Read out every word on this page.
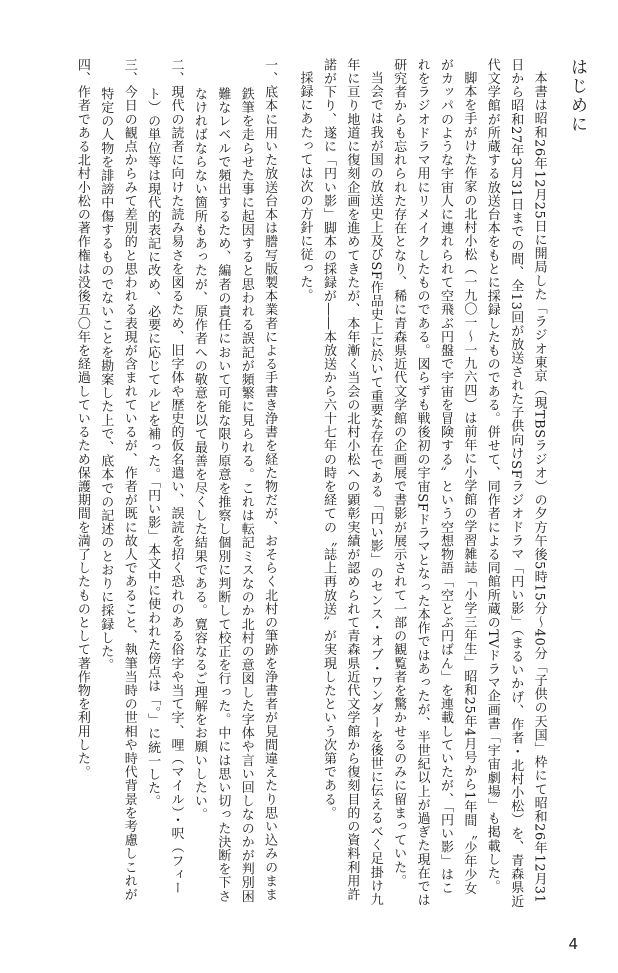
はじめに
本書は昭和26年12月25日に開局した「ラジオ東京（現TBSラジオ）の夕方午後5時15分～40分「子供の天国」枠にて昭和26年12月31日から昭和27年3月31日までの間、全13回が放送された子供向けSFラジオドラマ「円い影」（まるいかげ、作者・北村小松）を、青森県近代文学館が所蔵する放送台本をもとに採録したものである。併せて、同作者による同館所蔵のTVドラマ企画書「宇宙劇場」も掲載した。
脚本を手がけた作家の北村小松（一九〇一～一九六四）は前年に小学館の学習雑誌「小学三年生」昭和25年4月号から1年間〝少年少女がカッパのような宇宙人に連れられて空飛ぶ円盤で宇宙を冒険する〟という空想物語「空とぶ円ばん」を連載していたが、「円い影」はこれをラジオドラマ用にリメイクしたものである。図らずも戦後初の宇宙SFドラマとなった本作ではあったが、半世紀以上が過ぎた現在では研究者からも忘れられた存在となり、稀に青森県近代文学館の企画展で書影が展示されて一部の観覧者を驚かせるのみに留まっていた。
当会では我が国の放送史上及びSF作品史上に於いて重要な存在である「円い影」のセンス・オブ・ワンダーを後世に伝えるべく足掛け九年に亘り地道に復刻企画を進めてきたが、本年漸く当会の北村小松への顕彰実績が認められて青森県近代文学館から復刻目的の資料利用許諾が下り、遂に「円い影」脚本の採録が――本放送から六十七年の時を経ての〝誌上再放送〟が実現したという次第である。
採録にあたっては次の方針に従った。
一、底本に用いた放送台本は謄写版製本業者による手書き浄書を経た物だが、おそらく北村の筆跡を浄書者が見間違えたり思い込みのまま鉄筆を走らせた事に起因すると思われる誤記が頻繁に見られる。これは転記ミスなのか北村の意図した字体や言い回しなのかが判別困難なレベルで頻出するため、編者の責任において可能な限り原意を推察し個別に判断して校正を行った。中には思い切った決断を下さなければならない箇所もあったが、原作者への敬意を以て最善を尽くした結果である。寛容なるご理解をお願いしたい。
二、現代の読者に向けた読み易さを図るため、旧字体や歴史的仮名遣い、誤読を招く恐れのある俗字や当て字、哩（マイル）・呎（フィート）の単位等は現代的表記に改め、必要に応じてルビを補った。「円い影」本文中に使われた傍点は「。」に統一した。
三、今日の観点からみて差別的と思われる表現が含まれているが、作者が既に故人であること、執筆当時の世相や時代背景を考慮しこれが特定の人物を誹謗中傷するものでないことを勘案した上で、底本での記述のとおりに採録した。
四、作者である北村小松の著作権は没後五〇年を経過しているため保護期間を満了したものとして著作物を利用した。
4
